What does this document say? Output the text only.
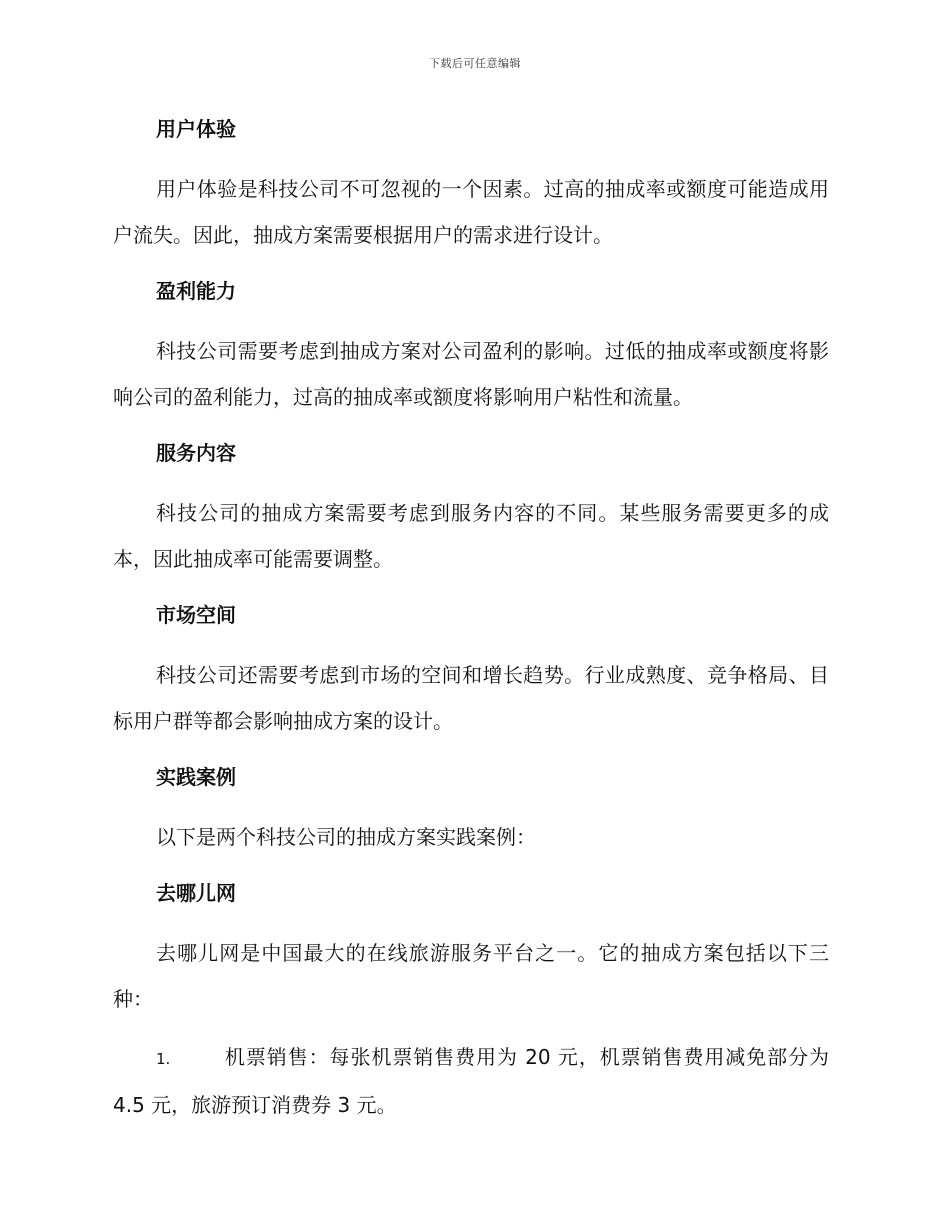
下载后可任意编辑
用户体验

用户体验是科技公司不可忽视的一个因素。过高的抽成率或额度可能造成用户流失。因此，抽成方案需要根据用户的需求进行设计。

盈利能力

科技公司需要考虑到抽成方案对公司盈利的影响。过低的抽成率或额度将影响公司的盈利能力，过高的抽成率或额度将影响用户粘性和流量。

服务内容

科技公司的抽成方案需要考虑到服务内容的不同。某些服务需要更多的成本，因此抽成率可能需要调整。

市场空间

科技公司还需要考虑到市场的空间和增长趋势。行业成熟度、竞争格局、目标用户群等都会影响抽成方案的设计。

实践案例

以下是两个科技公司的抽成方案实践案例：

去哪儿网

去哪儿网是中国最大的在线旅游服务平台之一。它的抽成方案包括以下三种：

1.	机票销售：每张机票销售费用为 20 元，机票销售费用减免部分为 4.5 元，旅游预订消费券 3 元。
